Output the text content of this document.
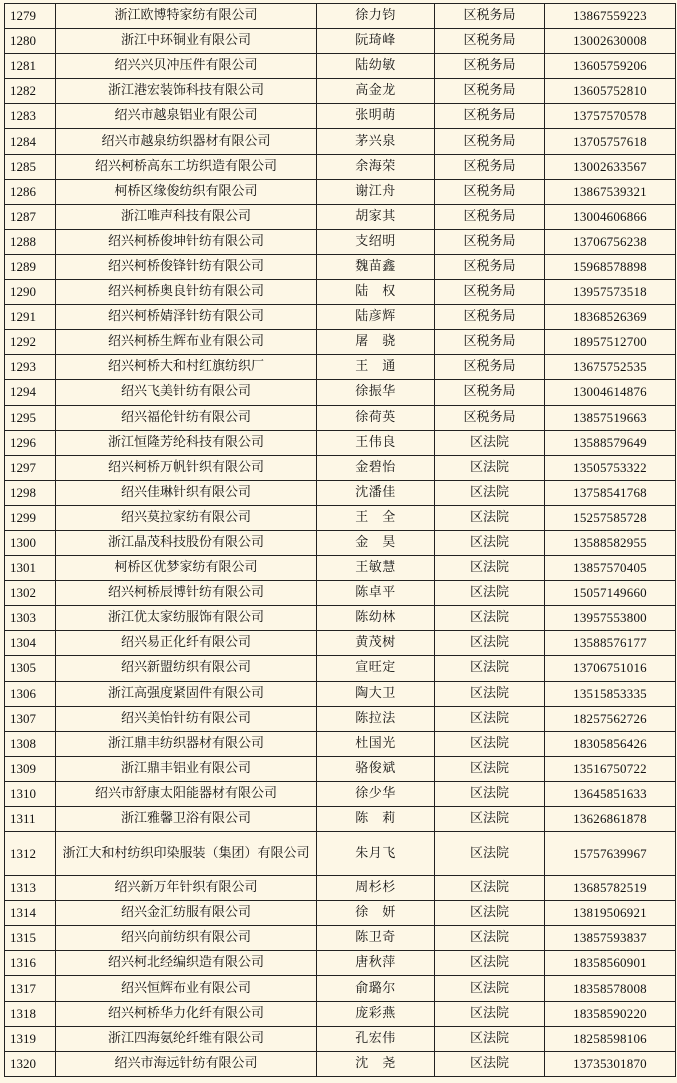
1279	浙江欧博特家纺有限公司	徐力钧	区税务局	13867559223
1280	浙江中环铜业有限公司	阮琦峰	区税务局	13002630008
1281	绍兴兴贝冲压件有限公司	陆幼敏	区税务局	13605759206
1282	浙江港宏装饰科技有限公司	高金龙	区税务局	13605752810
1283	绍兴市越泉铝业有限公司	张明萌	区税务局	13757570578
1284	绍兴市越泉纺织器材有限公司	茅兴泉	区税务局	13705757618
1285	绍兴柯桥高东工坊织造有限公司	余海荣	区税务局	13002633567
1286	柯桥区缘俊纺织有限公司	谢江舟	区税务局	13867539321
1287	浙江唯声科技有限公司	胡家其	区税务局	13004606866
1288	绍兴柯桥俊坤针纺有限公司	支绍明	区税务局	13706756238
1289	绍兴柯桥俊锋针纺有限公司	魏苗鑫	区税务局	15968578898
1290	绍兴柯桥奥良针纺有限公司	陆　权	区税务局	13957573518
1291	绍兴柯桥婧泽针纺有限公司	陆彦辉	区税务局	18368526369
1292	绍兴柯桥生辉布业有限公司	屠　骁	区税务局	18957512700
1293	绍兴柯桥大和村红旗纺织厂	王　通	区税务局	13675752535
1294	绍兴飞美针纺有限公司	徐振华	区税务局	13004614876
1295	绍兴福伦针纺有限公司	徐荷英	区税务局	13857519663
1296	浙江恒隆芳纶科技有限公司	王伟良	区法院	13588579649
1297	绍兴柯桥万帆针织有限公司	金碧怡	区法院	13505753322
1298	绍兴佳琳针织有限公司	沈潘佳	区法院	13758541768
1299	绍兴莫拉家纺有限公司	王　全	区法院	15257585728
1300	浙江晶茂科技股份有限公司	金　昊	区法院	13588582955
1301	柯桥区优梦家纺有限公司	王敏慧	区法院	13857570405
1302	绍兴柯桥辰博针纺有限公司	陈卓平	区法院	15057149660
1303	浙江优太家纺服饰有限公司	陈幼林	区法院	13957553800
1304	绍兴易正化纤有限公司	黄茂树	区法院	13588576177
1305	绍兴新盟纺织有限公司	宣旺定	区法院	13706751016
1306	浙江高强度紧固件有限公司	陶大卫	区法院	13515853335
1307	绍兴美怡针纺有限公司	陈拉法	区法院	18257562726
1308	浙江鼎丰纺织器材有限公司	杜国光	区法院	18305856426
1309	浙江鼎丰铝业有限公司	骆俊斌	区法院	13516750722
1310	绍兴市舒康太阳能器材有限公司	徐少华	区法院	13645851633
1311	浙江雅馨卫浴有限公司	陈　莉	区法院	13626861878
1312	浙江大和村纺织印染服装（集团）有限公司	朱月飞	区法院	15757639967
1313	绍兴新万年针织有限公司	周杉杉	区法院	13685782519
1314	绍兴金汇纺服有限公司	徐　妍	区法院	13819506921
1315	绍兴向前纺织有限公司	陈卫奇	区法院	13857593837
1316	绍兴柯北经编织造有限公司	唐秋萍	区法院	18358560901
1317	绍兴恒辉布业有限公司	俞璐尔	区法院	18358578008
1318	绍兴柯桥华力化纤有限公司	庞彩燕	区法院	18358590220
1319	浙江四海氨纶纤维有限公司	孔宏伟	区法院	18258598106
1320	绍兴市海远针纺有限公司	沈　尧	区法院	13735301870
